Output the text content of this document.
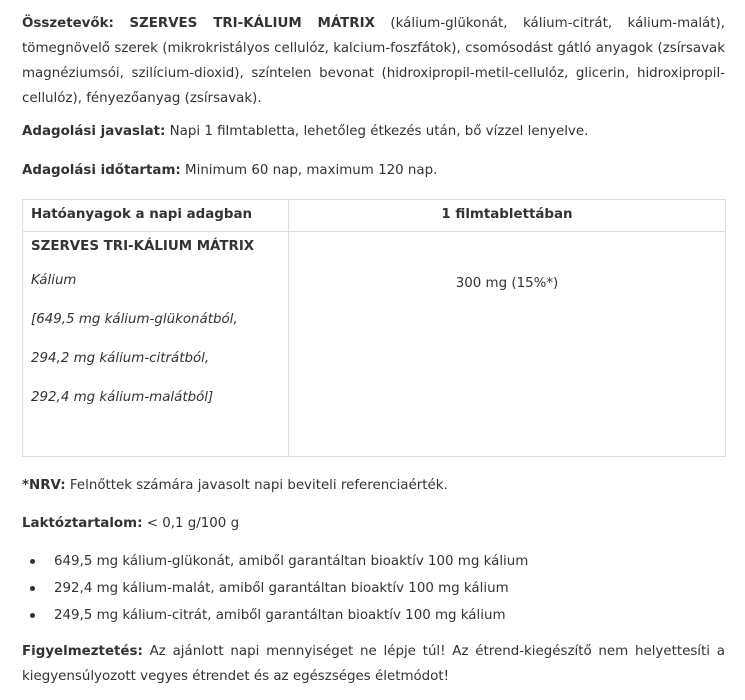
Összetevők: SZERVES TRI-KÁLIUM MÁTRIX (kálium-glükonát, kálium-citrát, kálium-malát), tömegnövelő szerek (mikrokristályos cellulóz, kalcium-foszfátok), csomósodást gátló anyagok (zsírsavak magnéziumsói, szilícium-dioxid), színtelen bevonat (hidroxipropil-metil-cellulóz, glicerin, hidroxipropil-cellulóz), fényezőanyag (zsírsavak).

Adagolási javaslat: Napi 1 filmtabletta, lehetőleg étkezés után, bő vízzel lenyelve.

Adagolási időtartam: Minimum 60 nap, maximum 120 nap.

Hatóanyagok a napi adagban	1 filmtablettában

SZERVES TRI-KÁLIUM MÁTRIX
Kálium
[649,5 mg kálium-glükonátból,
294,2 mg kálium-citrátból,
292,4 mg kálium-malátból]	300 mg (15%*)

*NRV: Felnőttek számára javasolt napi beviteli referenciaérték.

Laktóztartalom: < 0,1 g/100 g

649,5 mg kálium-glükonát, amiből garantáltan bioaktív 100 mg kálium
292,4 mg kálium-malát, amiből garantáltan bioaktív 100 mg kálium
249,5 mg kálium-citrát, amiből garantáltan bioaktív 100 mg kálium

Figyelmeztetés: Az ajánlott napi mennyiséget ne lépje túl! Az étrend-kiegészítő nem helyettesíti a kiegyensúlyozott vegyes étrendet és az egészséges életmódot!
